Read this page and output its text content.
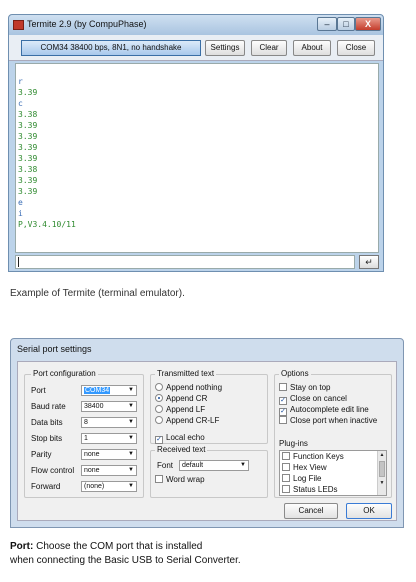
Termite 2.9 (by CompuPhase)	–	□	X
COM34 38400 bps, 8N1, no handshake	Settings	Clear	About	Close
r
3.39
c
3.38
3.39
3.39
3.39
3.39
3.38
3.39
3.39
e
i
P,V3.4.10/11
↵
Example of Termite (terminal emulator).
Serial port settings
Port configuration
Port	COM34	▼
Baud rate	38400	▼
Data bits	8	▼
Stop bits	1	▼
Parity	none	▼
Flow control	none	▼
Forward	(none)	▼
Transmitted text
Append nothing
Append CR
Append LF
Append CR-LF
✓ Local echo
Received text
Font	default	▼
Word wrap
Options
Stay on top
✓ Close on cancel
✓ Autocomplete edit line
Close port when inactive
Plug-ins
Function Keys
Hex View
Log File
Status LEDs
▲
▼
Cancel	OK
Port: Choose the COM port that is installed
when connecting the Basic USB to Serial Converter.
